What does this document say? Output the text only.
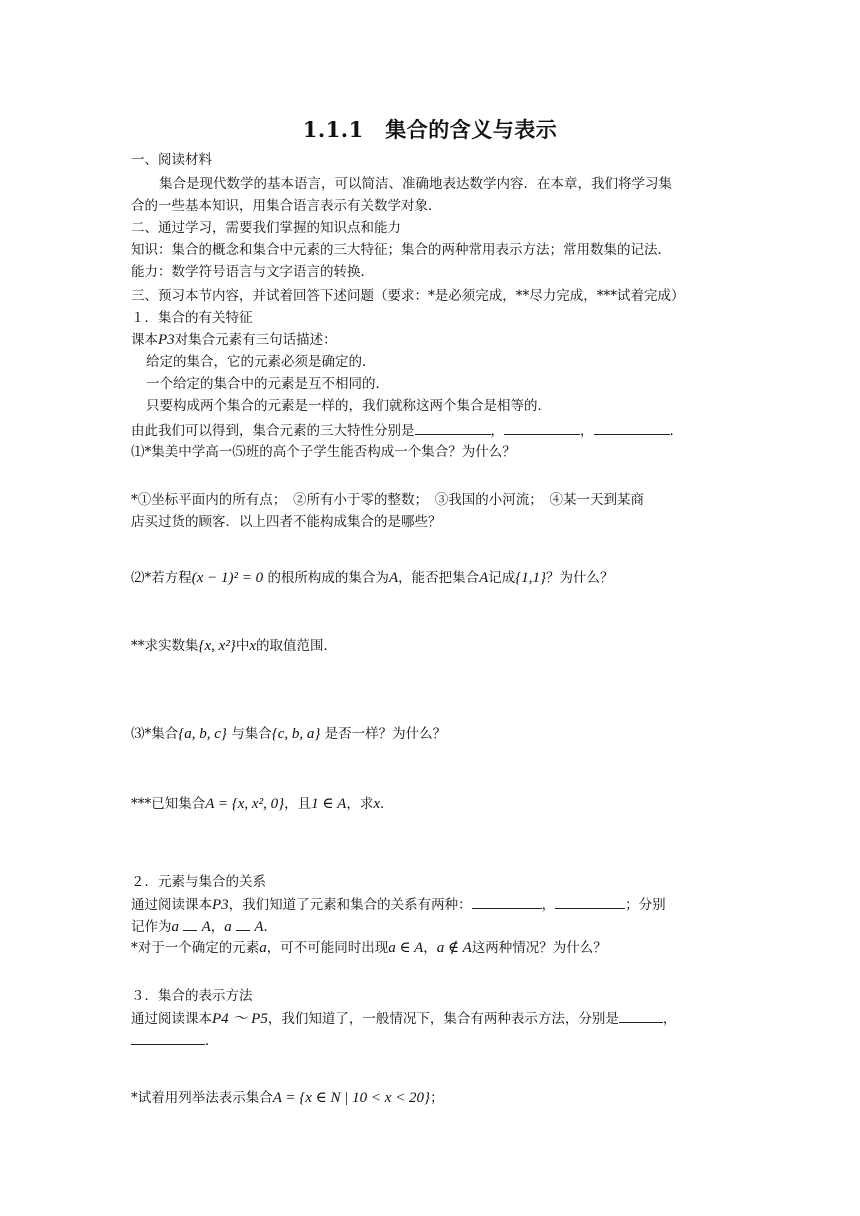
1.1.1　集合的含义与表示
一、阅读材料
集合是现代数学的基本语言，可以简洁、准确地表达数学内容．在本章，我们将学习集
合的一些基本知识，用集合语言表示有关数学对象．
二、通过学习，需要我们掌握的知识点和能力
知识：集合的概念和集合中元素的三大特征；集合的两种常用表示方法；常用数集的记法．
能力：数学符号语言与文字语言的转换．
三、预习本节内容，并试着回答下述问题（要求：*是必须完成，**尽力完成，***试着完成）
１．集合的有关特征
课本P3对集合元素有三句话描述：
给定的集合，它的元素必须是确定的．
一个给定的集合中的元素是互不相同的．
只要构成两个集合的元素是一样的，我们就称这两个集合是相等的．
由此我们可以得到，集合元素的三大特性分别是	，	，	．
⑴*集美中学高一⑸班的高个子学生能否构成一个集合？为什么？
*①坐标平面内的所有点；　②所有小于零的整数；　③我国的小河流；　④某一天到某商
店买过货的顾客．以上四者不能构成集合的是哪些？
⑵*若方程(x − 1)² = 0 的根所构成的集合为A，能否把集合A记成{1,1}？为什么？
**求实数集{x, x²}中x的取值范围．
⑶*集合{a, b, c} 与集合{c, b, a} 是否一样？为什么？
***已知集合A = {x, x², 0}，且1 ∈ A，求x．
２．元素与集合的关系
通过阅读课本P3，我们知道了元素和集合的关系有两种：	，	；分别
记作为a A，a A．
*对于一个确定的元素a，可不可能同时出现a ∈ A，a ∉ A这两种情况？为什么？
３．集合的表示方法
通过阅读课本P4 ～ P5，我们知道了，一般情况下，集合有两种表示方法，分别是	，
．
*试着用列举法表示集合A = {x ∈ N | 10 < x < 20}；
